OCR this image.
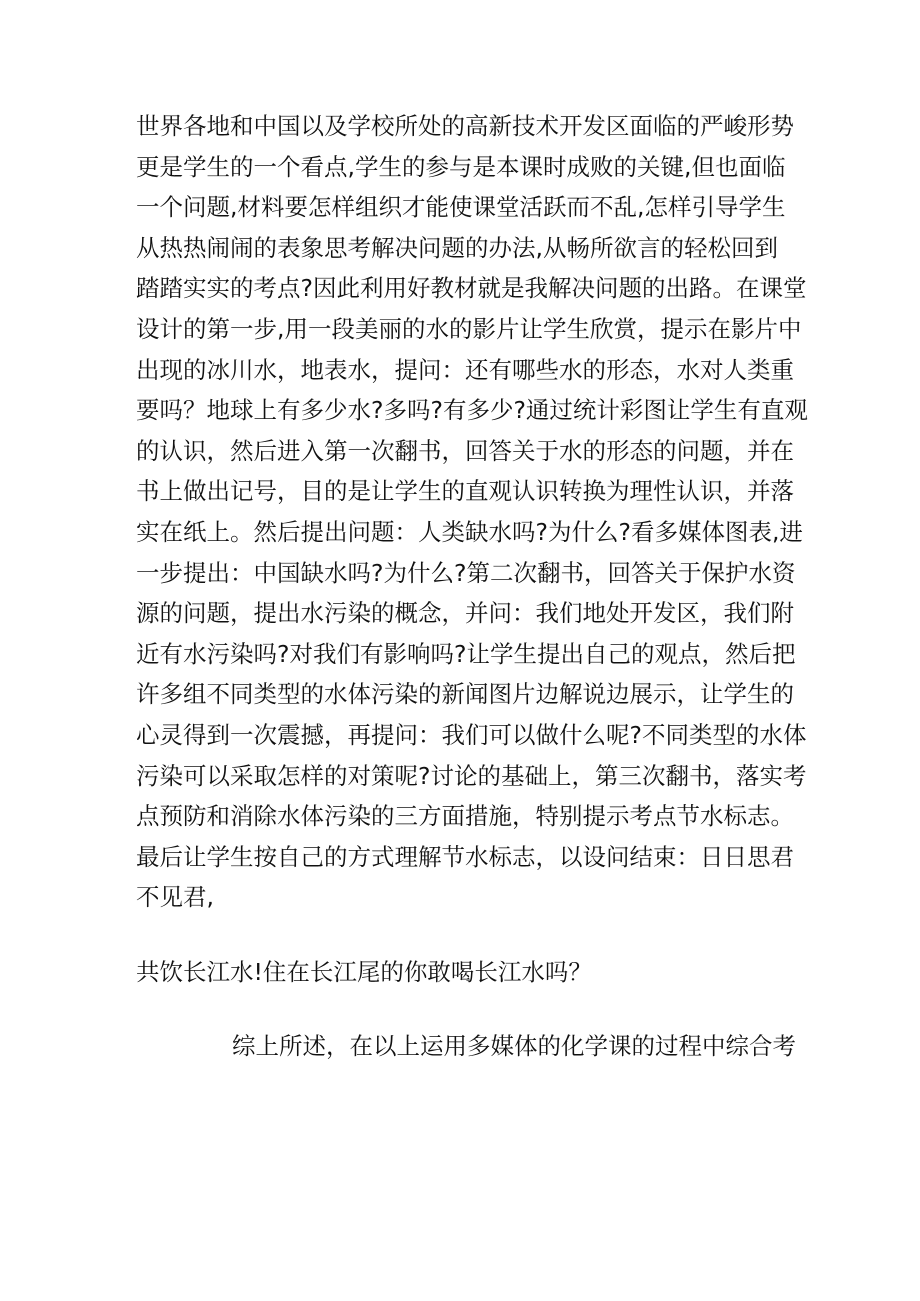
世界各地和中国以及学校所处的高新技术开发区面临的严峻形势
更是学生的一个看点,学生的参与是本课时成败的关键,但也面临
一个问题,材料要怎样组织才能使课堂活跃而不乱,怎样引导学生
从热热闹闹的表象思考解决问题的办法,从畅所欲言的轻松回到
踏踏实实的考点?因此利用好教材就是我解决问题的出路。在课堂
设计的第一步,用一段美丽的水的影片让学生欣赏，提示在影片中
出现的冰川水，地表水，提问：还有哪些水的形态，水对人类重
要吗？地球上有多少水?多吗?有多少?通过统计彩图让学生有直观
的认识，然后进入第一次翻书，回答关于水的形态的问题，并在
书上做出记号，目的是让学生的直观认识转换为理性认识，并落
实在纸上。然后提出问题：人类缺水吗?为什么?看多媒体图表,进
一步提出：中国缺水吗?为什么?第二次翻书，回答关于保护水资
源的问题，提出水污染的概念，并问：我们地处开发区，我们附
近有水污染吗?对我们有影响吗?让学生提出自己的观点，然后把
许多组不同类型的水体污染的新闻图片边解说边展示，让学生的
心灵得到一次震撼，再提问：我们可以做什么呢?不同类型的水体
污染可以采取怎样的对策呢?讨论的基础上，第三次翻书，落实考
点预防和消除水体污染的三方面措施，特别提示考点节水标志。
最后让学生按自己的方式理解节水标志，以设问结束：日日思君
不见君,
共饮长江水!住在长江尾的你敢喝长江水吗？
综上所述，在以上运用多媒体的化学课的过程中综合考
